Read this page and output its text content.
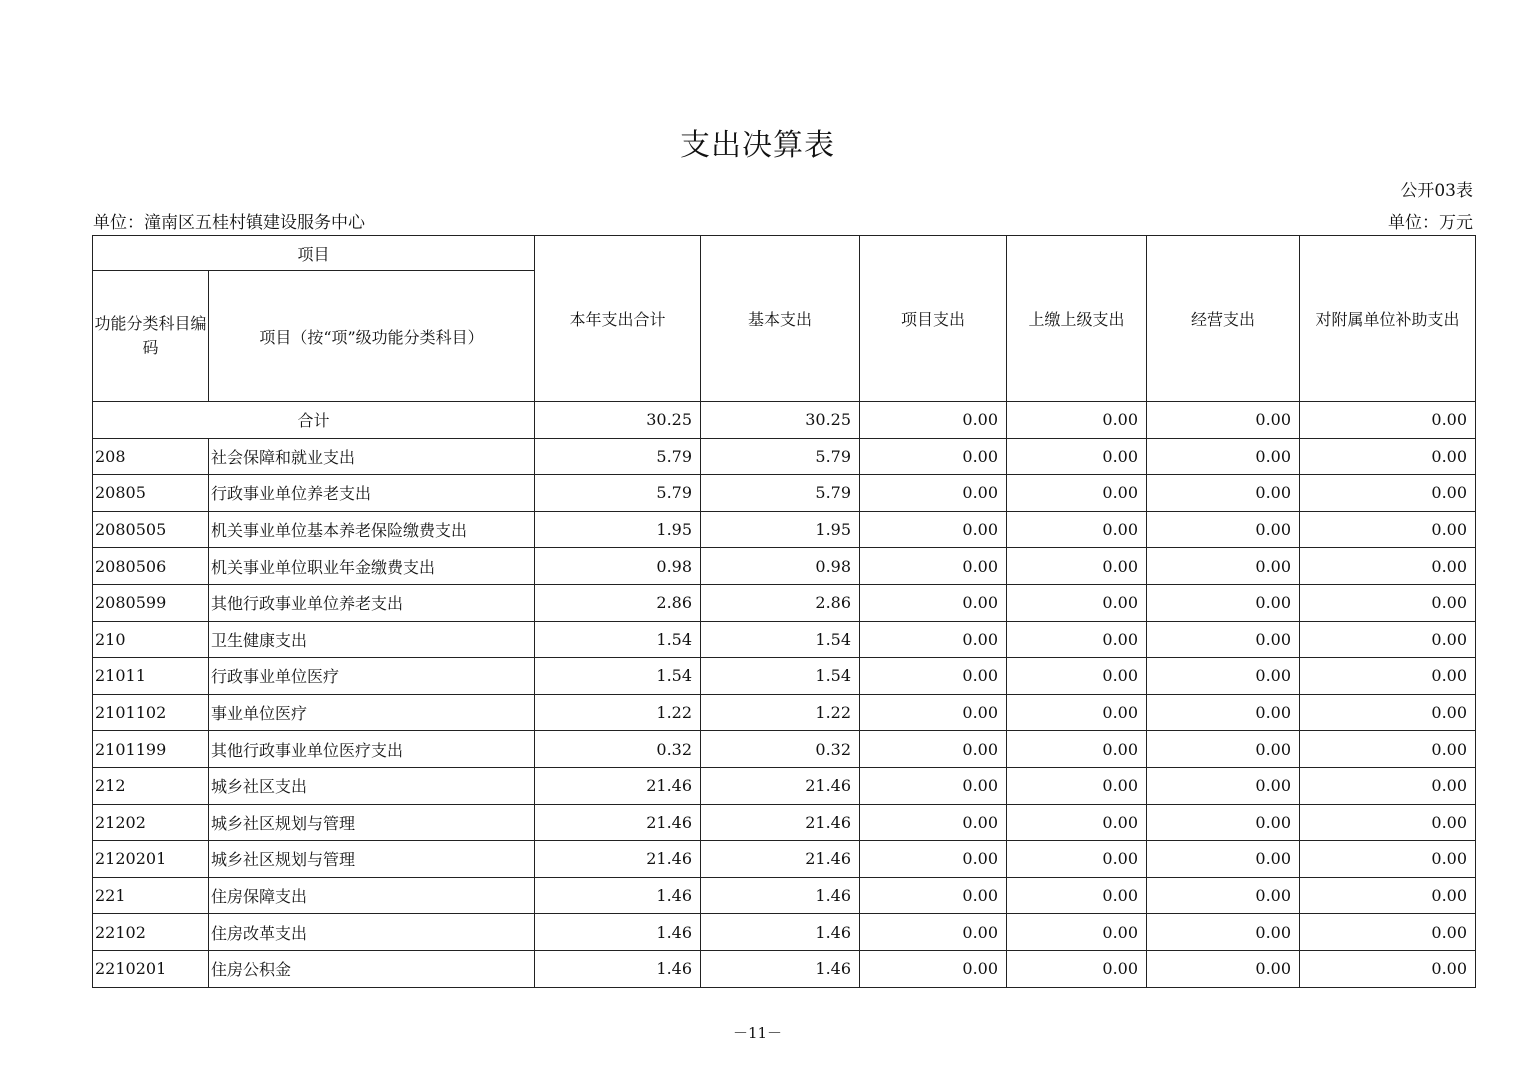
支出决算表
公开03表
单位：潼南区五桂村镇建设服务中心	单位：万元
项目		本年支出合计	基本支出	项目支出	上缴上级支出	经营支出	对附属单位补助支出
功能分类科目编码	项目（按“项”级功能分类科目）						
合计		30.25	30.25	0.00	0.00	0.00	0.00
208	社会保障和就业支出	5.79	5.79	0.00	0.00	0.00	0.00
20805	行政事业单位养老支出	5.79	5.79	0.00	0.00	0.00	0.00
2080505	机关事业单位基本养老保险缴费支出	1.95	1.95	0.00	0.00	0.00	0.00
2080506	机关事业单位职业年金缴费支出	0.98	0.98	0.00	0.00	0.00	0.00
2080599	其他行政事业单位养老支出	2.86	2.86	0.00	0.00	0.00	0.00
210	卫生健康支出	1.54	1.54	0.00	0.00	0.00	0.00
21011	行政事业单位医疗	1.54	1.54	0.00	0.00	0.00	0.00
2101102	事业单位医疗	1.22	1.22	0.00	0.00	0.00	0.00
2101199	其他行政事业单位医疗支出	0.32	0.32	0.00	0.00	0.00	0.00
212	城乡社区支出	21.46	21.46	0.00	0.00	0.00	0.00
21202	城乡社区规划与管理	21.46	21.46	0.00	0.00	0.00	0.00
2120201	城乡社区规划与管理	21.46	21.46	0.00	0.00	0.00	0.00
221	住房保障支出	1.46	1.46	0.00	0.00	0.00	0.00
22102	住房改革支出	1.46	1.46	0.00	0.00	0.00	0.00
2210201	住房公积金	1.46	1.46	0.00	0.00	0.00	0.00
－11－
